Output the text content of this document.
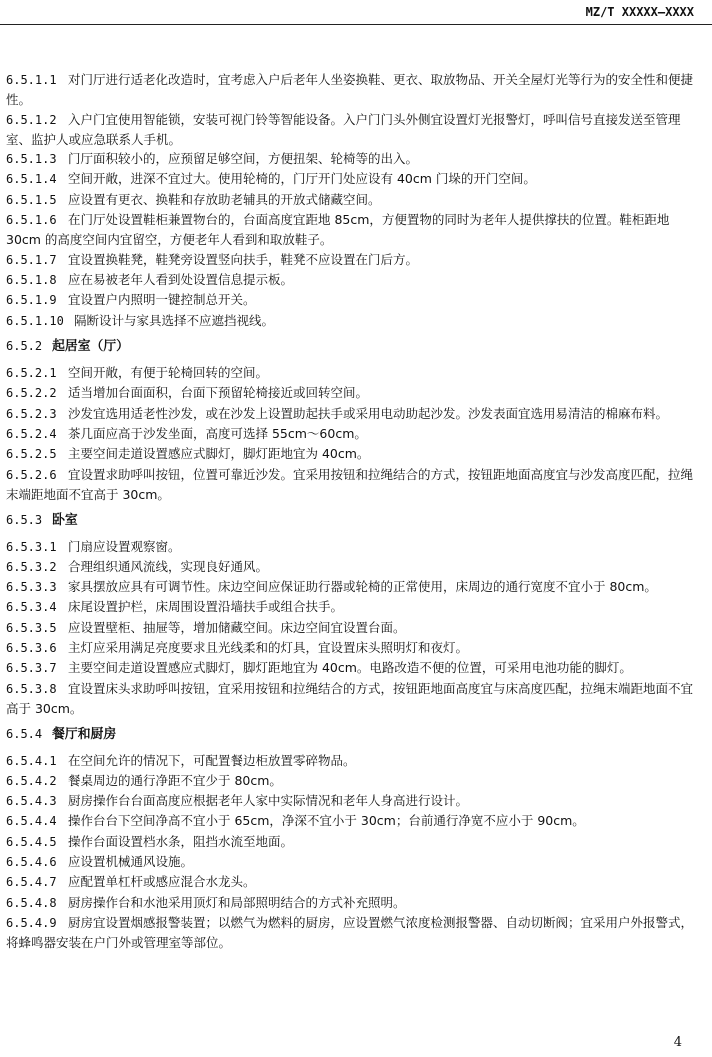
MZ/T XXXXX—XXXX

6.5.1.1 对门厅进行适老化改造时，宜考虑入户后老年人坐姿换鞋、更衣、取放物品、开关全屋灯光等行为的安全性和便捷性。

6.5.1.2 入户门宜使用智能锁，安装可视门铃等智能设备。入户门门头外侧宜设置灯光报警灯，呼叫信号直接发送至管理室、监护人或应急联系人手机。

6.5.1.3 门厅面积较小的，应预留足够空间，方便扭架、轮椅等的出入。

6.5.1.4 空间开敞，进深不宜过大。使用轮椅的，门厅开门处应设有 40cm 门垛的开门空间。

6.5.1.5 应设置有更衣、换鞋和存放助老辅具的开放式储藏空间。

6.5.1.6 在门厅处设置鞋柜兼置物台的，台面高度宜距地 85cm，方便置物的同时为老年人提供撑扶的位置。鞋柜距地 30cm 的高度空间内宜留空，方便老年人看到和取放鞋子。

6.5.1.7 宜设置换鞋凳，鞋凳旁设置竖向扶手，鞋凳不应设置在门后方。

6.5.1.8 应在易被老年人看到处设置信息提示板。

6.5.1.9 宜设置户内照明一键控制总开关。

6.5.1.10 隔断设计与家具选择不应遮挡视线。

6.5.2 起居室（厅）

6.5.2.1 空间开敞，有便于轮椅回转的空间。

6.5.2.2 适当增加台面面积，台面下预留轮椅接近或回转空间。

6.5.2.3 沙发宜选用适老性沙发，或在沙发上设置助起扶手或采用电动助起沙发。沙发表面宜选用易清洁的棉麻布料。

6.5.2.4 茶几面应高于沙发坐面，高度可选择 55cm～60cm。

6.5.2.5 主要空间走道设置感应式脚灯，脚灯距地宜为 40cm。

6.5.2.6 宜设置求助呼叫按钮，位置可靠近沙发。宜采用按钮和拉绳结合的方式，按钮距地面高度宜与沙发高度匹配，拉绳末端距地面不宜高于 30cm。

6.5.3 卧室

6.5.3.1 门扇应设置观察窗。

6.5.3.2 合理组织通风流线，实现良好通风。

6.5.3.3 家具摆放应具有可调节性。床边空间应保证助行器或轮椅的正常使用，床周边的通行宽度不宜小于 80cm。

6.5.3.4 床尾设置护栏，床周围设置沿墙扶手或组合扶手。

6.5.3.5 应设置壁柜、抽屉等，增加储藏空间。床边空间宜设置台面。

6.5.3.6 主灯应采用满足亮度要求且光线柔和的灯具，宜设置床头照明灯和夜灯。

6.5.3.7 主要空间走道设置感应式脚灯，脚灯距地宜为 40cm。电路改造不便的位置，可采用电池功能的脚灯。

6.5.3.8 宜设置床头求助呼叫按钮，宜采用按钮和拉绳结合的方式，按钮距地面高度宜与床高度匹配，拉绳末端距地面不宜高于 30cm。

6.5.4 餐厅和厨房

6.5.4.1 在空间允许的情况下，可配置餐边柜放置零碎物品。

6.5.4.2 餐桌周边的通行净距不宜少于 80cm。

6.5.4.3 厨房操作台台面高度应根据老年人家中实际情况和老年人身高进行设计。

6.5.4.4 操作台台下空间净高不宜小于 65cm，净深不宜小于 30cm；台前通行净宽不应小于 90cm。

6.5.4.5 操作台面设置档水条，阻挡水流至地面。

6.5.4.6 应设置机械通风设施。

6.5.4.7 应配置单杠杆或感应混合水龙头。

6.5.4.8 厨房操作台和水池采用顶灯和局部照明结合的方式补充照明。

6.5.4.9 厨房宜设置烟感报警装置；以燃气为燃料的厨房，应设置燃气浓度检测报警器、自动切断阀；宜采用户外报警式，将蜂鸣器安装在户门外或管理室等部位。

4
